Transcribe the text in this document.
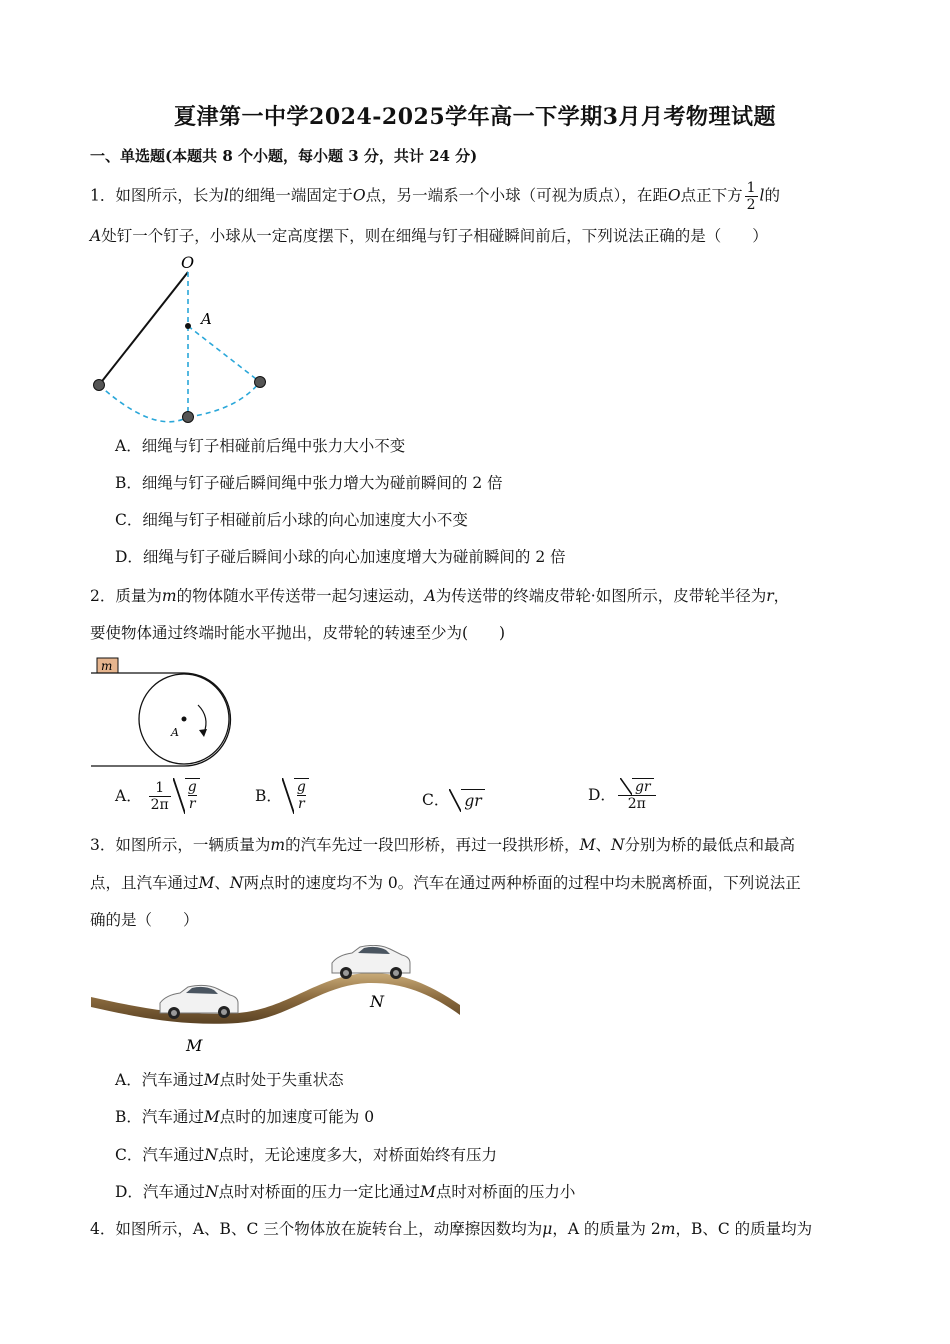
夏津第一中学2024-2025学年高一下学期3月月考物理试题
一、单选题(本题共 8 个小题，每小题 3 分，共计 24 分)
1．如图所示，长为l的细绳一端固定于O点，另一端系一个小球（可视为质点），在距O点正下方 $\frac{1}{2}$ l的
A处钉一个钉子，小球从一定高度摆下，则在细绳与钉子相碰瞬间前后，下列说法正确的是（　　）
O
A
A．细绳与钉子相碰前后绳中张力大小不变
B．细绳与钉子碰后瞬间绳中张力增大为碰前瞬间的 2 倍
C．细绳与钉子相碰前后小球的向心加速度大小不变
D．细绳与钉子碰后瞬间小球的向心加速度增大为碰前瞬间的 2 倍
2．质量为m的物体随水平传送带一起匀速运动，A为传送带的终端皮带轮·如图所示，皮带轮半径为r，
要使物体通过终端时能水平抛出，皮带轮的转速至少为(　　)
m
A
A． $\frac{1}{2\pi} \frac{g}{r}$	B． $\frac{g}{r}$	C． gr	D． $\frac{gr}{2\pi}$
3．如图所示，一辆质量为m的汽车先过一段凹形桥，再过一段拱形桥，M、N分别为桥的最低点和最高
点，且汽车通过M、N两点时的速度均不为 0。汽车在通过两种桥面的过程中均未脱离桥面，下列说法正
确的是（　　）
N
M
A．汽车通过M点时处于失重状态
B．汽车通过M点时的加速度可能为 0
C．汽车通过N点时，无论速度多大，对桥面始终有压力
D．汽车通过N点时对桥面的压力一定比通过M点时对桥面的压力小
4．如图所示，A、B、C 三个物体放在旋转台上，动摩擦因数均为μ，A 的质量为 2m，B、C 的质量均为
